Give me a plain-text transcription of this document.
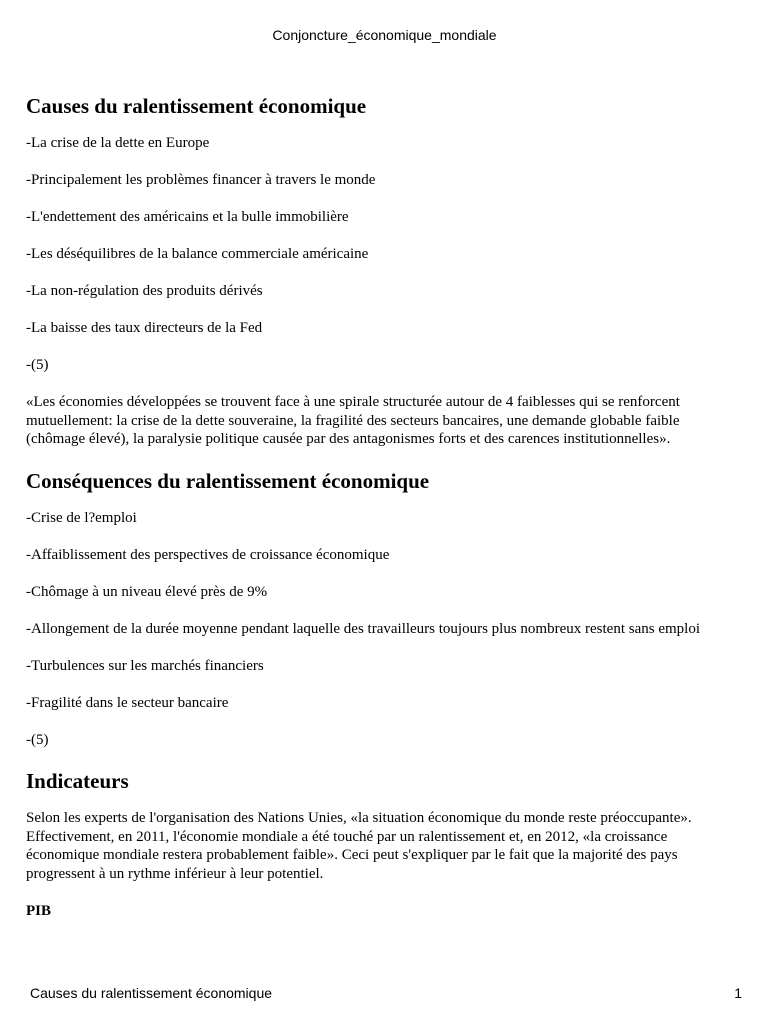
Conjoncture_économique_mondiale
Causes du ralentissement économique

-La crise de la dette en Europe

-Principalement les problèmes financer à travers le monde

-L'endettement des américains et la bulle immobilière

-Les déséquilibres de la balance commerciale américaine

-La non-régulation des produits dérivés

-La baisse des taux directeurs de la Fed

-(5)

«Les économies développées se trouvent face à une spirale structurée autour de 4 faiblesses qui se renforcent mutuellement: la crise de la dette souveraine, la fragilité des secteurs bancaires, une demande globable faible (chômage élevé), la paralysie politique causée par des antagonismes forts et des carences institutionnelles».

Conséquences du ralentissement économique

-Crise de l?emploi

-Affaiblissement des perspectives de croissance économique

-Chômage à un niveau élevé près de 9%

-Allongement de la durée moyenne pendant laquelle des travailleurs toujours plus nombreux restent sans emploi

-Turbulences sur les marchés financiers

-Fragilité dans le secteur bancaire

-(5)

Indicateurs

Selon les experts de l'organisation des Nations Unies, «la situation économique du monde reste préoccupante». Effectivement, en 2011, l'économie mondiale a été touché par un ralentissement et, en 2012, «la croissance économique mondiale restera probablement faible». Ceci peut s'expliquer par le fait que la majorité des pays progressent à un rythme inférieur à leur potentiel.

PIB

Causes du ralentissement économique	1
